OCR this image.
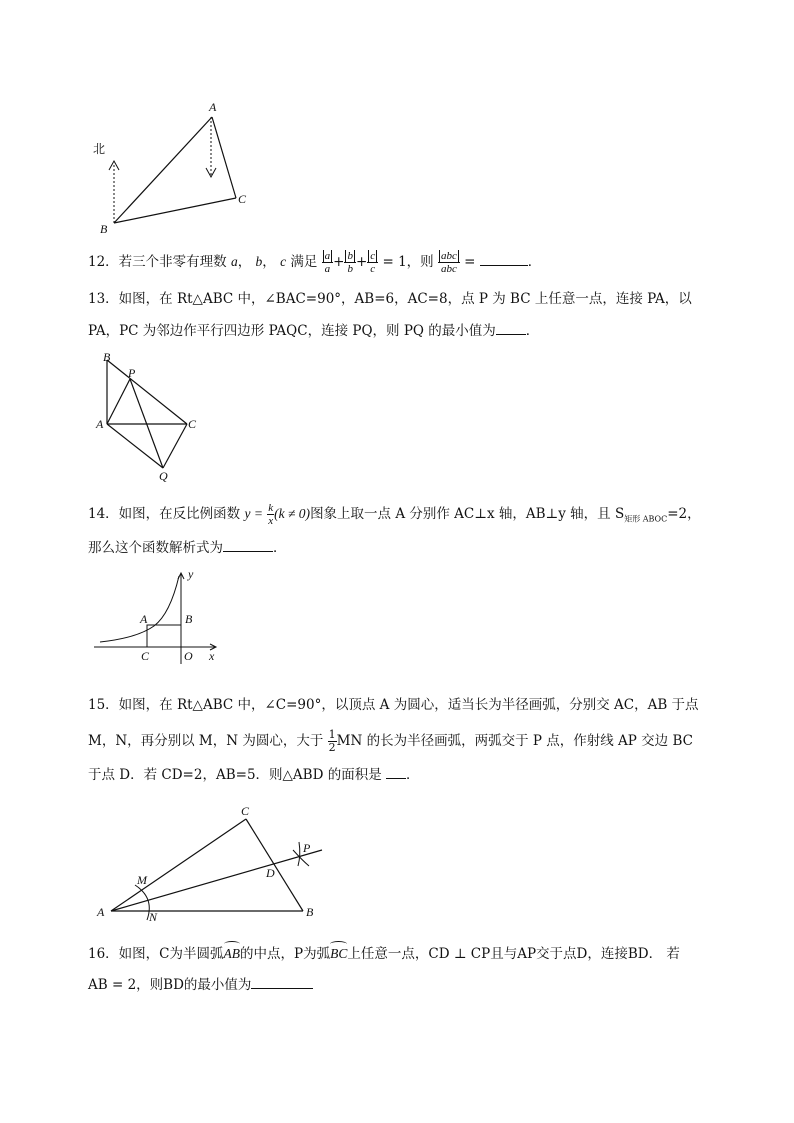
北
A
B
C
12．若三个非零有理数 a， b， c 满足 $\frac{a}{a} + \frac{b}{b} + \frac{c}{c} = 1$，则 $\frac{\text{abc}}{\text{abc}}$ =	．
13．如图，在 Rt△ABC 中，∠BAC=90°，AB=6，AC=8，点 P 为 BC 上任意一点，连接 PA，以
PA，PC 为邻边作平行四边形 PAQC，连接 PQ，则 PQ 的最小值为 ．
B
P
A	C
Q
14．如图，在反比例函数 $y = \frac{k}{x} (k \ne 0)$图象上取一点 A 分别作 AC⊥x 轴，AB⊥y 轴，且 $S_{矩形 ABOC}=2$，
那么这个函数解析式为	．
y
x
A	B
C	O
15．如图，在 Rt△ABC 中，∠C=90°，以顶点 A 为圆心，适当长为半径画弧，分别交 AC，AB 于点
M，N，再分别以 M，N 为圆心，大于 $\frac{1}{2}$ MN 的长为半径画弧，两弧交于 P 点，作射线 AP 交边 BC
于点 D．若 CD=2，AB=5．则△ABD 的面积是 ．
C
P
M	D
A	N	B
16．如图，C为半圆弧AB的中点，P为弧BC上任意一点，CD ⊥ CP且与AP交于点D，连接BD． 若
AB = 2，则BD的最小值为
